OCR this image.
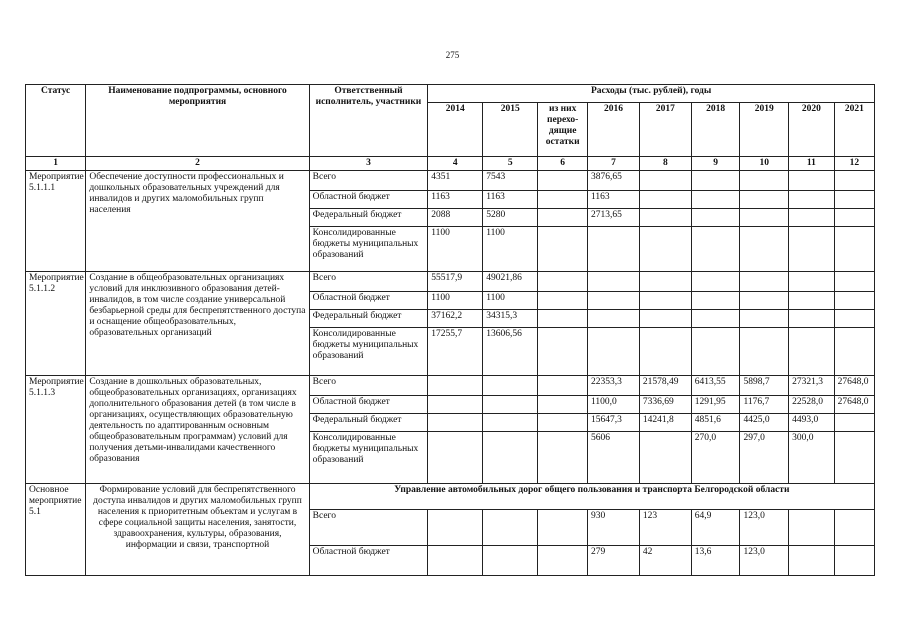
275
Статус	Наименование подпрограммы, основного мероприятия	Ответственный исполнитель, участники	Расходы (тыс. рублей), годы								
			2014	2015	из них перехо-дящие остатки	2016	2017	2018	2019	2020	2021
1	2	3	4	5	6	7	8	9	10	11	12
Мероприятие 5.1.1.1	Обеспечение доступности профессиональных и дошкольных образовательных учреждений для инвалидов и других маломобильных групп населения	Всего	4351	7543		3876,65					
		Областной бюджет	1163	1163		1163					
		Федеральный бюджет	2088	5280		2713,65					
		Консолидированные бюджеты муниципальных образований	1100	1100							
Мероприятие 5.1.1.2	Создание в общеобразовательных организациях условий для инклюзивного образования детей-инвалидов, в том числе создание универсальной безбарьерной среды для беспрепятственного доступа и оснащение общеобразовательных, образовательных организаций	Всего	55517,9	49021,86							
		Областной бюджет	1100	1100							
		Федеральный бюджет	37162,2	34315,3							
		Консолидированные бюджеты муниципальных образований	17255,7	13606,56							
Мероприятие 5.1.1.3	Создание в дошкольных образовательных, общеобразовательных организациях, организациях дополнительного образования детей (в том числе в организациях, осуществляющих образовательную деятельность по адаптированным основным общеобразовательным программам) условий для получения детьми-инвалидами качественного образования	Всего				22353,3	21578,49	6413,55	5898,7	27321,3	27648,0
		Областной бюджет				1100,0	7336,69	1291,95	1176,7	22528,0	27648,0
		Федеральный бюджет				15647,3	14241,8	4851,6	4425,0	4493,0	
		Консолидированные бюджеты муниципальных образований				5606		270,0	297,0	300,0	
Основное мероприятие 5.1	Формирование условий для беспрепятственного доступа инвалидов и других маломобильных групп населения к приоритетным объектам и услугам в сфере социальной защиты населения, занятости, здравоохранения, культуры, образования, информации и связи, транспортной	Управление автомобильных дорог общего пользования и транспорта Белгородской области									
		Всего				930	123	64,9	123,0		
		Областной бюджет				279	42	13,6	123,0		
